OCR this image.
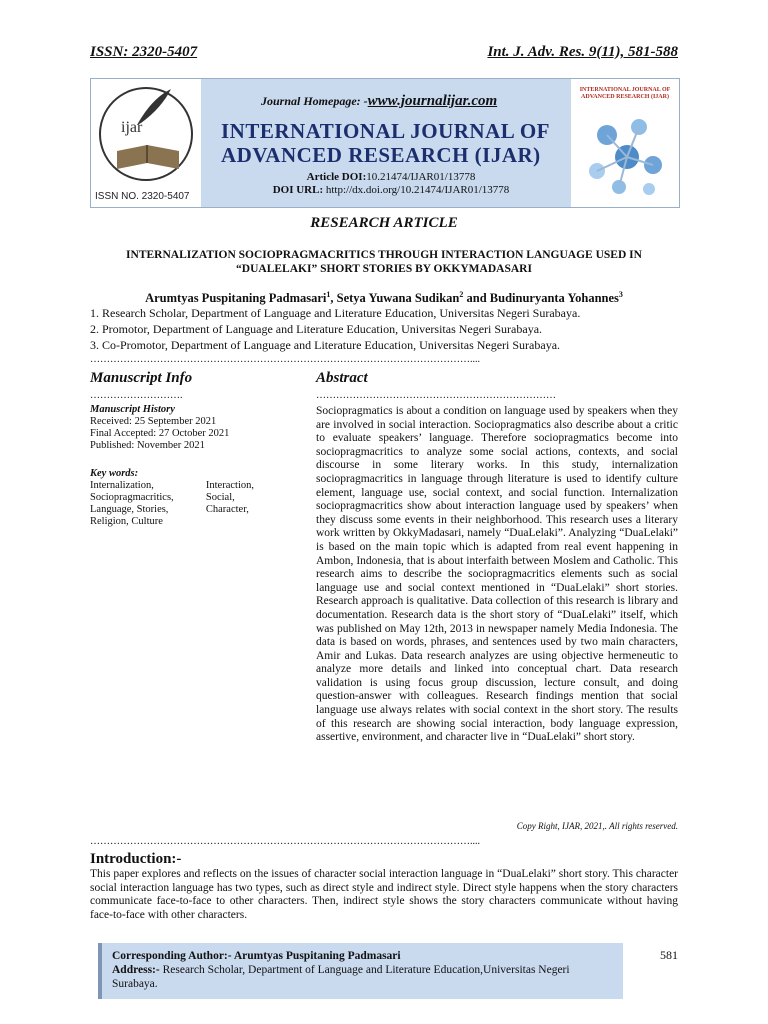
ISSN: 2320-5407	Int. J. Adv. Res. 9(11), 581-588
ijar
ISSN NO. 2320-5407
Journal Homepage: -www.journalijar.com
INTERNATIONAL JOURNAL OF
ADVANCED RESEARCH (IJAR)
Article DOI:10.21474/IJAR01/13778
DOI URL: http://dx.doi.org/10.21474/IJAR01/13778
INTERNATIONAL JOURNAL OF ADVANCED RESEARCH (IJAR)
RESEARCH ARTICLE
INTERNALIZATION SOCIOPRAGMACRITICS THROUGH INTERACTION LANGUAGE USED IN
“DUALELAKI” SHORT STORIES BY OKKYMADASARI
Arumtyas Puspitaning Padmasari$^1$, Setya Yuwana Sudikan$^2$ and Budinuryanta Yohannes$^3$
1. Research Scholar, Department of Language and Literature Education, Universitas Negeri Surabaya.
2. Promotor, Department of Language and Literature Education, Universitas Negeri Surabaya.
3. Co-Promotor, Department of Language and Literature Education, Universitas Negeri Surabaya.
……………………………………………………………………………………………………....
Manuscript Info	Abstract
……………………….	………………………………………………………………
Manuscript History
Received: 25 September 2021
Final Accepted: 27 October 2021
Published: November 2021
Key words:
Internalization,	Interaction,
Sociopragmacritics,	Social,
Language, Stories,	Character,
Religion, Culture
Sociopragmatics is about a condition on language used by speakers when they are involved in social interaction. Sociopragmatics also describe about a critic to evaluate speakers’ language. Therefore sociopragmatics become into sociopragmacritics to analyze some social actions, contexts, and social discourse in some literary works. In this study, internalization sociopragmacritics in language through literature is used to identify culture element, language use, social context, and social function. Internalization sociopragmacritics show about interaction language used by speakers’ when they discuss some events in their neighborhood. This research uses a literary work written by OkkyMadasari, namely “DuaLelaki”. Analyzing “DuaLelaki” is based on the main topic which is adapted from real event happening in Ambon, Indonesia, that is about interfaith between Moslem and Catholic. This research aims to describe the sociopragmacritics elements such as social language use and social context mentioned in “DuaLelaki” short stories. Research approach is qualitative. Data collection of this research is library and documentation. Research data is the short story of “DuaLelaki” itself, which was published on May 12th, 2013 in newspaper namely Media Indonesia. The data is based on words, phrases, and sentences used by two main characters, Amir and Lukas. Data research analyzes are using objective hermeneutic to analyze more details and linked into conceptual chart. Data research validation is using focus group discussion, lecture consult, and doing question-answer with colleagues. Research findings mention that social language use always relates with social context in the short story. The results of this research are showing social interaction, body language expression, assertive, environment, and character live in “DuaLelaki” short story.
Copy Right, IJAR, 2021,. All rights reserved.
……………………………………………………………………………………………………....
Introduction:-
This paper explores and reflects on the issues of character social interaction language in “DuaLelaki” short story. This character social interaction language has two types, such as direct style and indirect style. Direct style happens when the story characters communicate face-to-face to other characters. Then, indirect style shows the story characters communicate without having face-to-face with other characters.
Corresponding Author:- Arumtyas Puspitaning Padmasari
Address:- Research Scholar, Department of Language and Literature Education,Universitas Negeri Surabaya.
581
